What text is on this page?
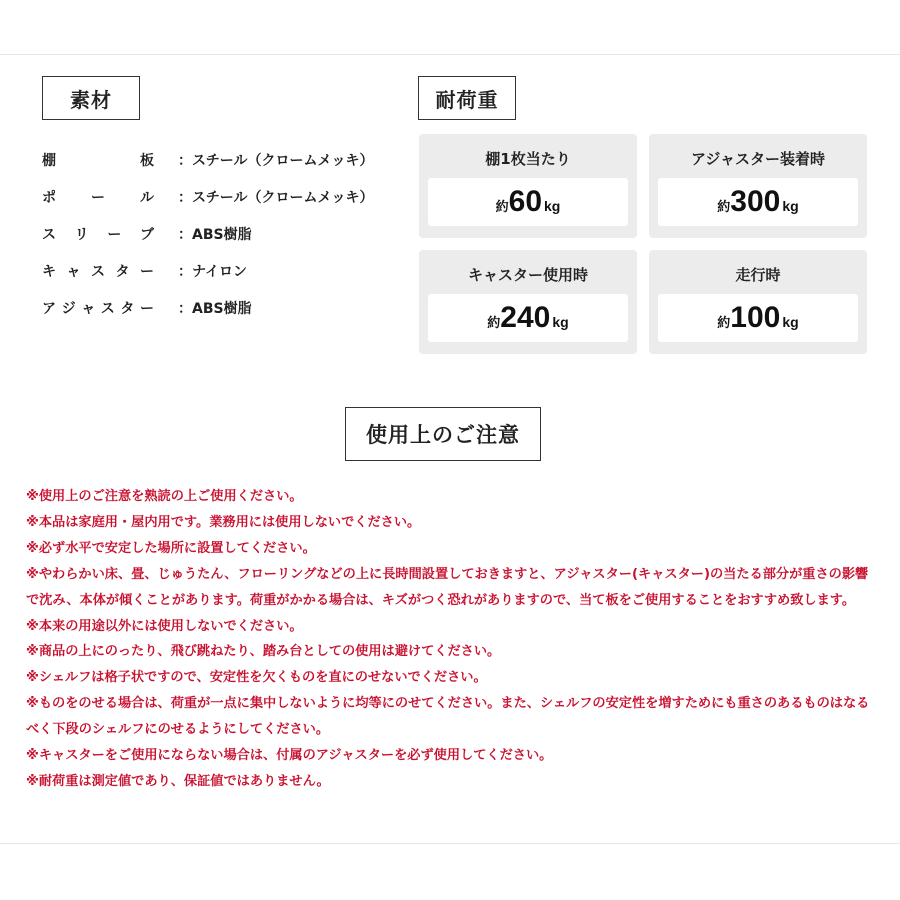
素材
棚	板 ：スチール（クロームメッキ）
ポ	ー	ル ：スチール（クロームメッキ）
ス リ ー ブ ：ABS樹脂
キ ャ ス タ ー ：ナイロン
ア ジ ャ ス タ ー ：ABS樹脂
耐荷重
棚1枚当たり
約 60 kg
アジャスター装着時
約 300 kg
キャスター使用時
約 240 kg
走行時
約 100 kg
使用上のご注意

※使用上のご注意を熟読の上ご使用ください。

※本品は家庭用・屋内用です。業務用には使用しないでください。

※必ず水平で安定した場所に設置してください。

※やわらかい床、畳、じゅうたん、フローリングなどの上に長時間設置しておきますと、アジャスター(キャスター)の当たる部分が重さの影響で沈み、本体が傾くことがあります。荷重がかかる場合は、キズがつく恐れがありますので、当て板をご使用することをおすすめ致します。

※本来の用途以外には使用しないでください。

※商品の上にのったり、飛び跳ねたり、踏み台としての使用は避けてください。

※シェルフは格子状ですので、安定性を欠くものを直にのせないでください。

※ものをのせる場合は、荷重が一点に集中しないように均等にのせてください。また、シェルフの安定性を増すためにも重さのあるものはなるべく下段のシェルフにのせるようにしてください。

※キャスターをご使用にならない場合は、付属のアジャスターを必ず使用してください。

※耐荷重は測定値であり、保証値ではありません。
